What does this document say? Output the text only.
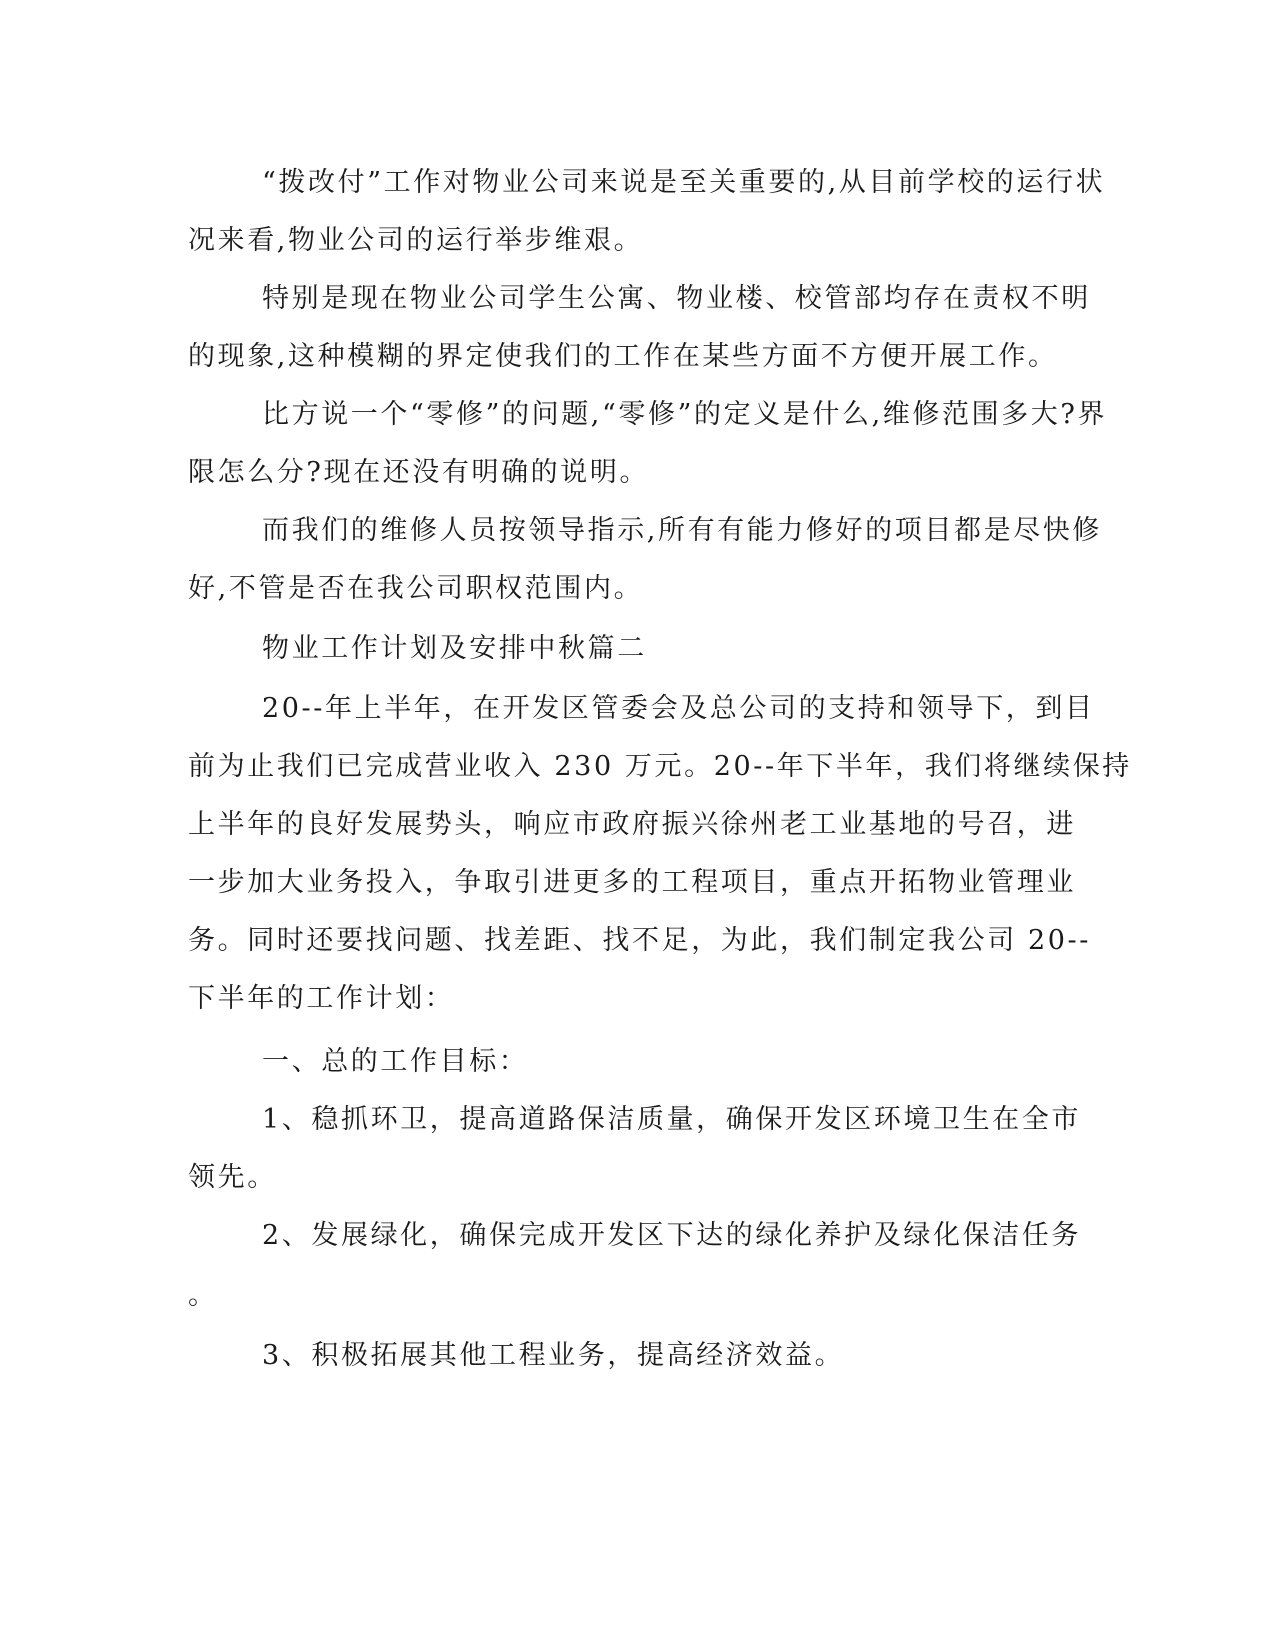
“拨改付”工作对物业公司来说是至关重要的,从目前学校的运行状
况来看,物业公司的运行举步维艰。
特别是现在物业公司学生公寓、物业楼、校管部均存在责权不明
的现象,这种模糊的界定使我们的工作在某些方面不方便开展工作。
比方说一个“零修”的问题,“零修”的定义是什么,维修范围多大?界
限怎么分?现在还没有明确的说明。
而我们的维修人员按领导指示,所有有能力修好的项目都是尽快修
好,不管是否在我公司职权范围内。
物业工作计划及安排中秋篇二
20--年上半年，在开发区管委会及总公司的支持和领导下，到目
前为止我们已完成营业收入 230 万元。20--年下半年，我们将继续保持
上半年的良好发展势头，响应市政府振兴徐州老工业基地的号召，进
一步加大业务投入，争取引进更多的工程项目，重点开拓物业管理业
务。同时还要找问题、找差距、找不足，为此，我们制定我公司 20--
下半年的工作计划：
一、总的工作目标：
1、稳抓环卫，提高道路保洁质量，确保开发区环境卫生在全市
领先。
2、发展绿化，确保完成开发区下达的绿化养护及绿化保洁任务
。
3、积极拓展其他工程业务，提高经济效益。
